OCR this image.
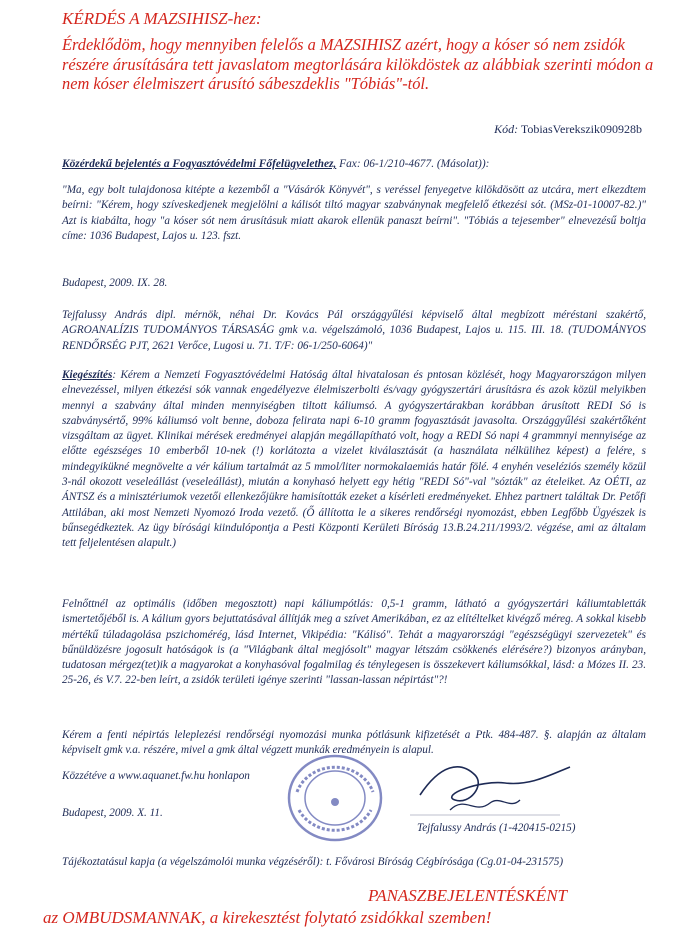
KÉRDÉS A MAZSIHISZ-hez:
Érdeklődöm, hogy mennyiben felelős a MAZSIHISZ azért, hogy a kóser só nem zsidók részére árusítására tett javaslatom megtorlására kilökdöstek az alábbiak szerinti módon a nem kóser élelmiszert árusító sábeszdeklis "Tóbiás"-tól.
Kód: TobiasVerekszik090928b
Közérdekű bejelentés a Fogyasztóvédelmi Főfelügyelethez, Fax: 06-1/210-4677. (Másolat)):
"Ma, egy bolt tulajdonosa kitépte a kezemből a "Vásárók Könyvét", s veréssel fenyegetve kilökdösött az utcára, mert elkezdtem beírni: "Kérem, hogy szíveskedjenek megjelölni a kálisót tiltó magyar szabványnak megfelelő étkezési sót. (MSz-01-10007-82.)" Azt is kiabálta, hogy "a kóser sót nem árusításuk miatt akarok ellenük panaszt beírni". "Tóbiás a tejesember" elnevezésű boltja címe: 1036 Budapest, Lajos u. 123. fszt.
Budapest, 2009. IX. 28.
Tejfalussy András dipl. mérnök, néhai Dr. Kovács Pál országgyűlési képviselő által megbízott méréstani szakértő, AGROANALÍZIS TUDOMÁNYOS TÁRSASÁG gmk v.a. végelszámoló, 1036 Budapest, Lajos u. 115. III. 18. (TUDOMÁNYOS RENDŐRSÉG PJT, 2621 Verőce, Lugosi u. 71. T/F: 06-1/250-6064)"
Kiegészítés: Kérem a Nemzeti Fogyasztóvédelmi Hatóság által hivatalosan és pntosan közlését, hogy Magyarországon milyen elnevezéssel, milyen étkezési sók vannak engedélyezve élelmiszerbolti és/vagy gyógyszertári árusításra és azok közül melyikben mennyi a szabvány által minden mennyiségben tiltott káliumsó. A gyógyszertárakban korábban árusított REDI Só is szabványsértő, 99% káliumsó volt benne, doboza felirata napi 6-10 gramm fogyasztását javasolta. Országgyűlési szakértőként vizsgáltam az ügyet. Klinikai mérések eredményei alapján megállapítható volt, hogy a REDI Só napi 4 grammnyi mennyisége az előtte egészséges 10 emberből 10-nek (!) korlátozta a vizelet kiválasztását (a használata nélkülihez képest) a felére, s mindegyikükné megnövelte a vér kálium tartalmát az 5 mmol/liter normokalaemiás határ fölé. 4 enyhén veseléziós személy közül 3-nál okozott veseleállást (veseleállást), miután a konyhasó helyett egy hétig "REDI Só"-val "sózták" az ételeiket. Az OÉTI, az ÁNTSZ és a minisztériumok vezetői ellenkezőjükre hamisították ezeket a kísérleti eredményeket. Ehhez partnert találtak Dr. Petőfi Attilában, aki most Nemzeti Nyomozó Iroda vezető. (Ő állította le a sikeres rendőrségi nyomozást, ebben Legfőbb Ügyészek is bűnsegédkeztek. Az ügy bírósági kiindulópontja a Pesti Központi Kerületi Bíróság 13.B.24.211/1993/2. végzése, ami az általam tett feljelentésen alapult.)
Felnőttnél az optimális (időben megosztott) napi káliumpótlás: 0,5-1 gramm, látható a gyógyszertári káliumtabletták ismertetőjéből is. A kálium gyors bejuttatásával állítják meg a szívet Amerikában, ez az elítéltelket kivégző méreg. A sokkal kisebb mértékű túladagolása pszichomérég, lásd Internet, Vikipédia: "Kálisó". Tehát a magyarországi "egészségügyi szervezetek" és bűnüldözésre jogosult hatóságok is (a "Világbank által megjósolt" magyar létszám csökkenés elérésére?) bizonyos arányban, tudatosan mérgez(tet)ik a magyarokat a konyhasóval fogalmilag és ténylegesen is összekevert káliumsókkal, lásd: a Mózes II. 23. 25-26, és V.7. 22-ben leírt, a zsidók területi igénye szerinti "lassan-lassan népirtást"?!
Kérem a fenti népirtás leleplezési rendőrségi nyomozási munka pótlásunk kifizetését a Ptk. 484-487. §. alapján az általam képviselt gmk v.a. részére, mivel a gmk által végzett munkák eredményein is alapul.
Közzétéve a www.aquanet.fw.hu honlapon
Budapest, 2009. X. 11.
Tejfalussy András (1-420415-0215)
Tájékoztatásul kapja (a végelszámolói munka végzéséről): t. Fővárosi Bíróság Cégbírósága (Cg.01-04-231575)
PANASZBEJELENTÉSKÉNT
az OMBUDSMANNAK, a kirekesztést folytató zsidókkal szemben!
